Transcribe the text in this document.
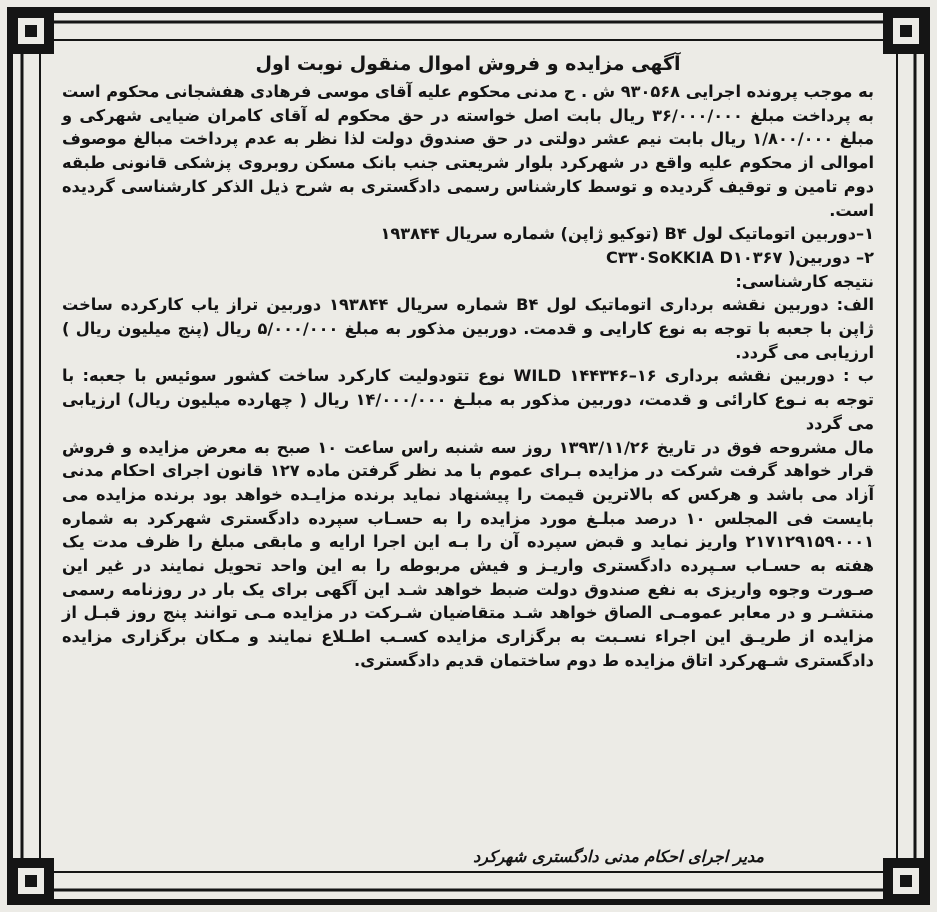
آگهی مزایده و فروش اموال منقول نوبت اول

به موجب پرونده اجرایی ۹۳۰۵۶۸ ش . ح مدنی محکوم علیه آقای موسی فرهادی هفشجانی محکوم است به پرداخت مبلغ ۳۶/۰۰۰/۰۰۰ ریال بابت اصل خواسته در حق محکوم له آقای کامران ضیایی شهرکی و مبلغ ۱/۸۰۰/۰۰۰ ریال بابت نیم عشر دولتی در حق صندوق دولت لذا نظر به عدم پرداخت مبالغ موصوف اموالی از محکوم علیه واقع در شهرکرد بلوار شریعتی جنب بانک مسکن روبروی پزشکی قانونی طبقه دوم تامین و توقیف گردیده و توسط کارشناس رسمی دادگستری به شرح ذیل الذکر کارشناسی گردیده است.

۱–دوربین اتوماتیک لول B۴ (توکیو ژاپن) شماره سریال ۱۹۳۸۴۴

۲– دوربین( C۳۳۰SoKKIA D۱۰۳۶۷

نتیجه کارشناسی:

الف: دوربین نقشه برداری اتوماتیک لول B۴ شماره سریال ۱۹۳۸۴۴ دوربین تراز یاب کارکرده ساخت ژاپن با جعبه با توجه به نوع کارایی و قدمت. دوربین مذکور به مبلغ ۵/۰۰۰/۰۰۰ ریال (پنج میلیون ریال ) ارزیابی می گردد.

ب : دوربین نقشه برداری ۱۶–۱۴۴۳۴۶ WILD نوع تتودولیت کارکرد ساخت کشور سوئیس با جعبه: با توجه به نـوع کارائی و قدمت، دوربین مذکور به مبلـغ ۱۴/۰۰۰/۰۰۰ ریال ( چهارده میلیون ریال) ارزیابی می گردد

مال مشروحه فوق در تاریخ ۱۳۹۳/۱۱/۲۶ روز سه شنبه راس ساعت ۱۰ صبح به معرض مزایده و فروش قرار خواهد گرفت شرکت در مزایده بـرای عموم با مد نظر گرفتن ماده ۱۲۷ قانون اجرای احکام مدنی آزاد می باشد و هرکس که بالاترین قیمت را پیشنهاد نماید برنده مزایـده خواهد بود برنده مزایده می بایست فی المجلس ۱۰ درصد مبلـغ مورد مزایده را به حسـاب سپرده دادگستری شهرکرد به شماره ۲۱۷۱۲۹۱۵۹۰۰۰۱ واریز نماید و قبض سپرده آن را بـه این اجرا ارایه و مابقی مبلغ را ظرف مدت یک هفته به حسـاب سـپرده دادگستری واریـز و فیش مربوطه را به این واحد تحویل نمایند در غیر این صـورت وجوه واریزی به نفع صندوق دولت ضبط خواهد شـد این آگهی برای یک بار در روزنامه رسمی منتشـر و در معابر عمومـی الصاق خواهد شـد متقاضیان شـرکت در مزایده مـی توانند پنج روز قبـل از مزایده از طریـق این اجراء نسـبت به برگزاری مزایده کسـب اطـلاع نمایند و مـکان برگزاری مزایده دادگستری شـهرکرد اتاق مزایده ط دوم ساختمان قدیم دادگستری.

مدیر اجرای احکام مدنی دادگستری شهرکرد
